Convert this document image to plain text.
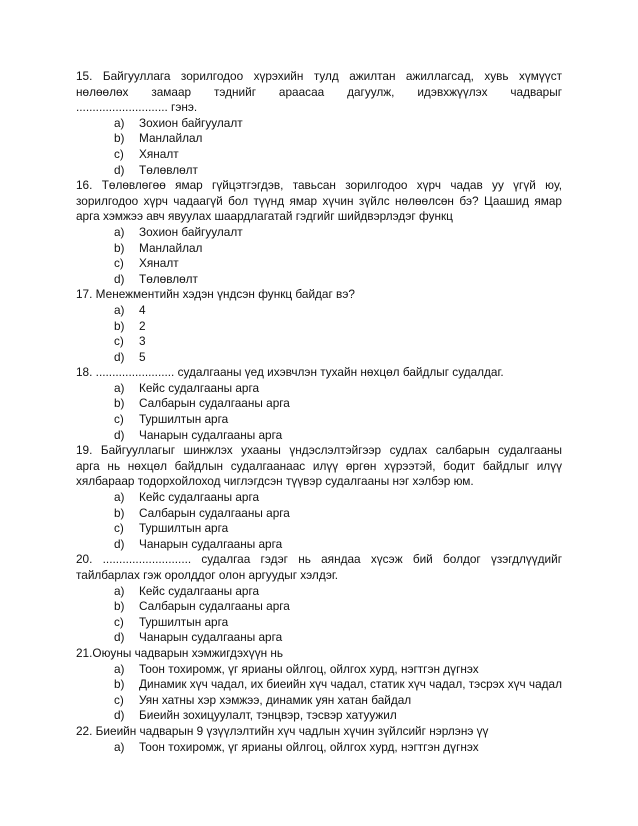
15. Байгууллага зорилгодоо хүрэхийн тулд ажилтан ажиллагсад, хувь хүмүүст
нөлөөлөх замаар тэднийг араасаа дагуулж, идэвхжүүлэх чадварыг
............................ гэнэ.
a) Зохион байгуулалт
b) Манлайлал
c) Хяналт
d) Төлөвлөлт
16. Төлөвлөгөө ямар гүйцэтгэгдэв, тавьсан зорилгодоо хүрч чадав уу үгүй юу,
зорилгодоо хүрч чадаагүй бол түүнд ямар хүчин зүйлс нөлөөлсөн бэ? Цаашид ямар
арга хэмжээ авч явуулах шаардлагатай гэдгийг шийдвэрлэдэг функц
a) Зохион байгуулалт
b) Манлайлал
c) Хяналт
d) Төлөвлөлт
17. Менежментийн хэдэн үндсэн функц байдаг вэ?
a) 4
b) 2
c) 3
d) 5
18. ........................ судалгааны үед ихэвчлэн тухайн нөхцөл байдлыг судалдаг.
a) Кейс судалгааны арга
b) Салбарын судалгааны арга
c) Туршилтын арга
d) Чанарын судалгааны арга
19. Байгууллагыг шинжлэх ухааны үндэслэлтэйгээр судлах салбарын судалгааны
арга нь нөхцөл байдлын судалгаанаас илүү өргөн хүрээтэй, бодит байдлыг илүү
хялбараар тодорхойлоход чиглэгдсэн түүвэр судалгааны нэг хэлбэр юм.
a) Кейс судалгааны арга
b) Салбарын судалгааны арга
c) Туршилтын арга
d) Чанарын судалгааны арга
20. ........................... судалгаа гэдэг нь аяндаа хүсэж бий болдог үзэгдлүүдийг
тайлбарлах гэж оролддог олон аргуудыг хэлдэг.
a) Кейс судалгааны арга
b) Салбарын судалгааны арга
c) Туршилтын арга
d) Чанарын судалгааны арга
21.Оюуны чадварын хэмжигдэхүүн нь
a) Тоон тохиромж, үг ярианы ойлгоц, ойлгох хурд, нэгтгэн дүгнэх
b) Динамик хүч чадал, их биеийн хүч чадал, статик хүч чадал, тэсрэх хүч чадал
c) Уян хатны хэр хэмжээ, динамик уян хатан байдал
d) Биеийн зохицуулалт, тэнцвэр, тэсвэр хатуужил
22. Биеийн чадварын 9 үзүүлэлтийн хүч чадлын хүчин зүйлсийг нэрлэнэ үү
a) Тоон тохиромж, үг ярианы ойлгоц, ойлгох хурд, нэгтгэн дүгнэх
